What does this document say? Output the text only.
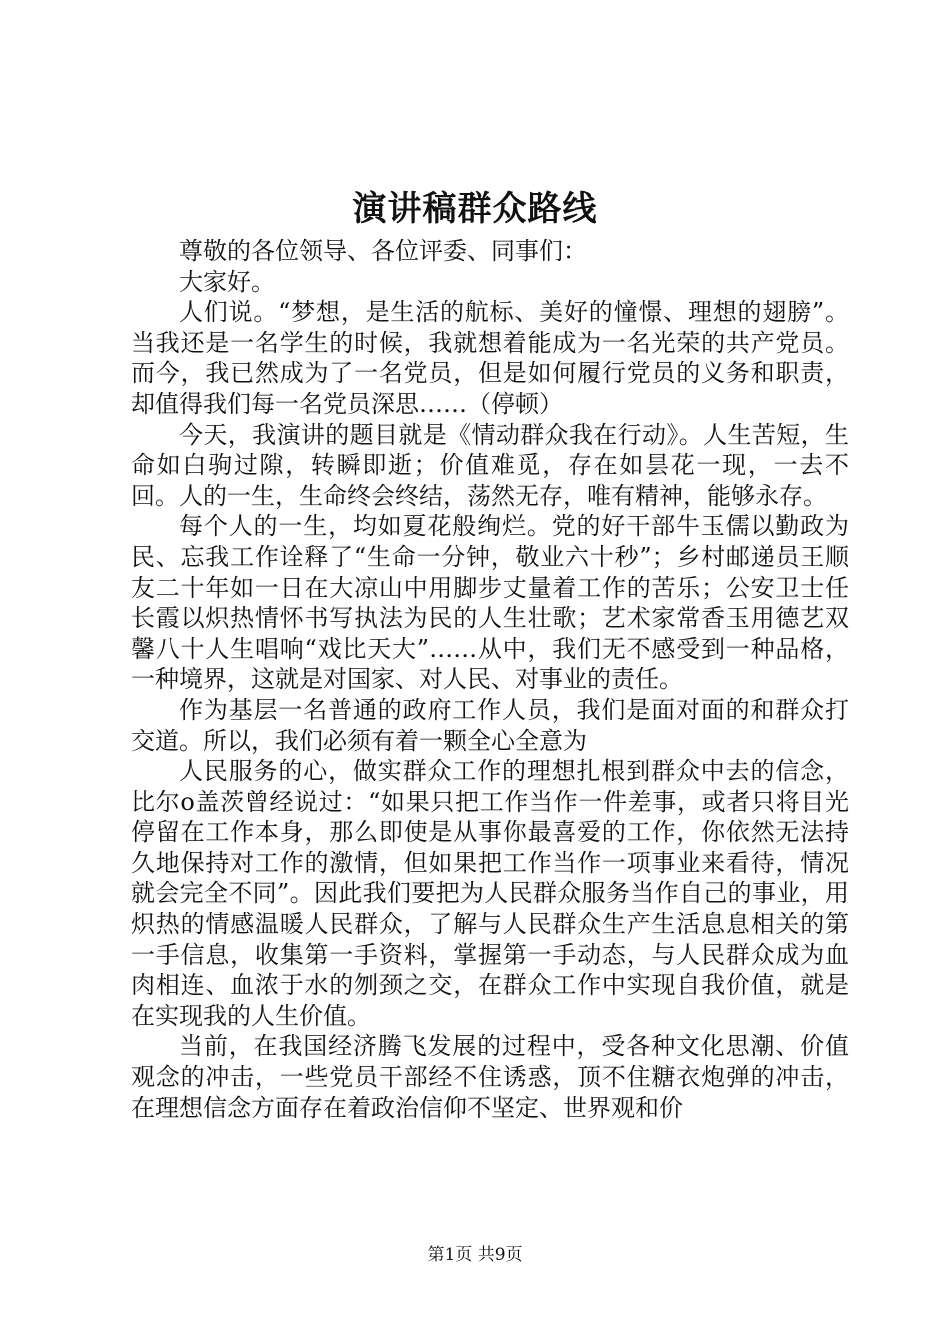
演讲稿群众路线

尊敬的各位领导、各位评委、同事们：

大家好。

人们说。“梦想，是生活的航标、美好的憧憬、理想的翅膀”。当我还是一名学生的时候，我就想着能成为一名光荣的共产党员。而今，我已然成为了一名党员，但是如何履行党员的义务和职责，却值得我们每一名党员深思……（停顿）

今天，我演讲的题目就是《情动群众我在行动》。人生苦短，生命如白驹过隙，转瞬即逝；价值难觅，存在如昙花一现，一去不回。人的一生，生命终会终结，荡然无存，唯有精神，能够永存。

每个人的一生，均如夏花般绚烂。党的好干部牛玉儒以勤政为民、忘我工作诠释了“生命一分钟，敬业六十秒”；乡村邮递员王顺友二十年如一日在大凉山中用脚步丈量着工作的苦乐；公安卫士任长霞以炽热情怀书写执法为民的人生壮歌；艺术家常香玉用德艺双馨八十人生唱响“戏比天大”……从中，我们无不感受到一种品格，一种境界，这就是对国家、对人民、对事业的责任。

作为基层一名普通的政府工作人员，我们是面对面的和群众打交道。所以，我们必须有着一颗全心全意为

人民服务的心，做实群众工作的理想扎根到群众中去的信念，比尔ο盖茨曾经说过：“如果只把工作当作一件差事，或者只将目光停留在工作本身，那么即使是从事你最喜爱的工作，你依然无法持久地保持对工作的激情，但如果把工作当作一项事业来看待，情况就会完全不同”。因此我们要把为人民群众服务当作自己的事业，用炽热的情感温暖人民群众，了解与人民群众生产生活息息相关的第一手信息，收集第一手资料，掌握第一手动态，与人民群众成为血肉相连、血浓于水的刎颈之交，在群众工作中实现自我价值，就是在实现我的人生价值。

当前，在我国经济腾飞发展的过程中，受各种文化思潮、价值观念的冲击，一些党员干部经不住诱惑，顶不住糖衣炮弹的冲击，在理想信念方面存在着政治信仰不坚定、世界观和价

第1页 共9页
